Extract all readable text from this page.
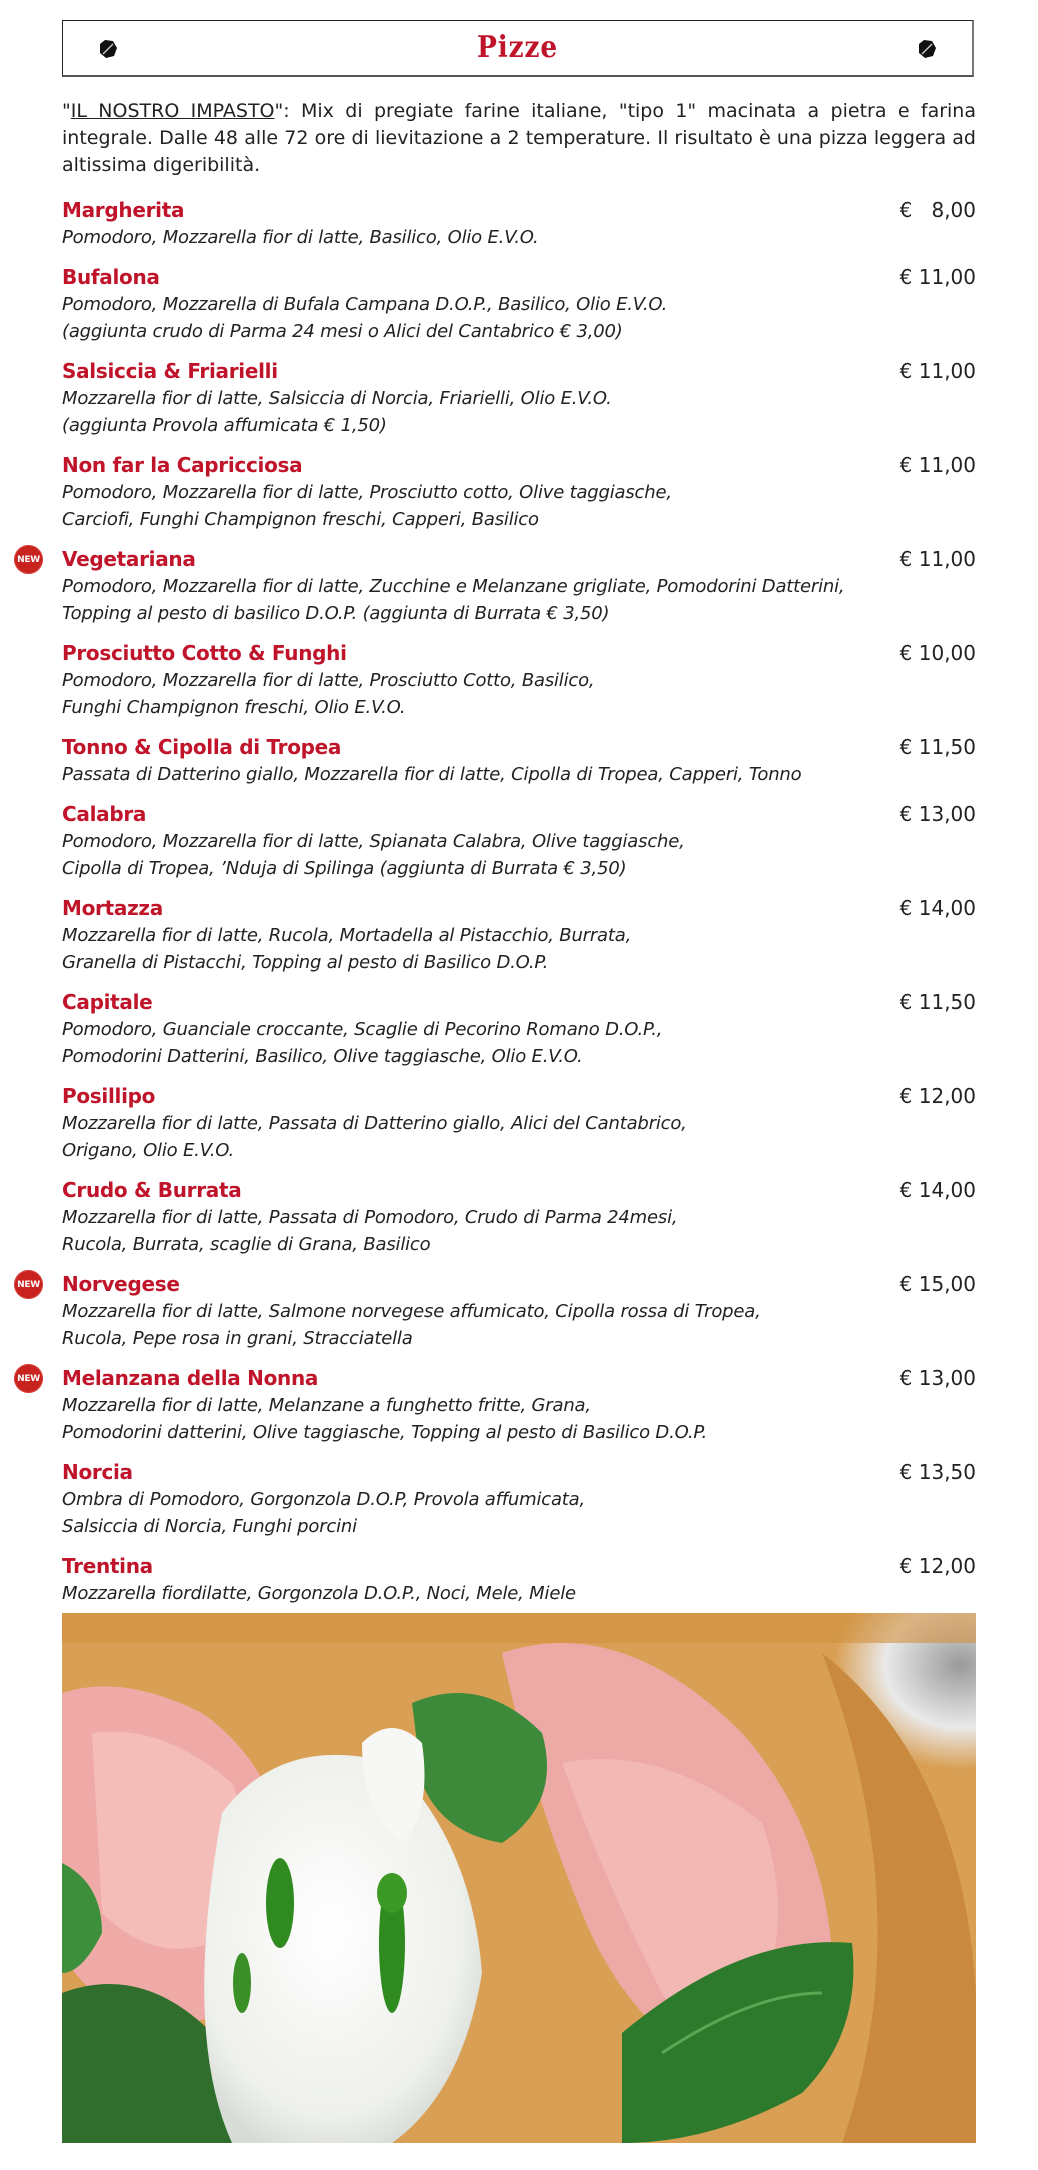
Pizze
"IL NOSTRO IMPASTO": Mix di pregiate farine italiane, "tipo 1" macinata a pietra e farina integrale. Dalle 48 alle 72 ore di lievitazione a 2 temperature. Il risultato è una pizza leggera ad altissima digeribilità.
Margherita	€   8,00
Pomodoro, Mozzarella fior di latte, Basilico, Olio E.V.O.
Bufalona	€ 11,00
Pomodoro, Mozzarella di Bufala Campana D.O.P., Basilico, Olio E.V.O.
(aggiunta crudo di Parma 24 mesi o Alici del Cantabrico € 3,00)
Salsiccia & Friarielli	€ 11,00
Mozzarella fior di latte, Salsiccia di Norcia, Friarielli, Olio E.V.O.
(aggiunta Provola affumicata € 1,50)
Non far la Capricciosa	€ 11,00
Pomodoro, Mozzarella fior di latte, Prosciutto cotto, Olive taggiasche,
Carciofi, Funghi Champignon freschi, Capperi, Basilico
NEW Vegetariana	€ 11,00
Pomodoro, Mozzarella fior di latte, Zucchine e Melanzane grigliate, Pomodorini Datterini,
Topping al pesto di basilico D.O.P. (aggiunta di Burrata € 3,50)
Prosciutto Cotto & Funghi	€ 10,00
Pomodoro, Mozzarella fior di latte, Prosciutto Cotto, Basilico,
Funghi Champignon freschi, Olio E.V.O.
Tonno & Cipolla di Tropea	€ 11,50
Passata di Datterino giallo, Mozzarella fior di latte, Cipolla di Tropea, Capperi, Tonno
Calabra	€ 13,00
Pomodoro, Mozzarella fior di latte, Spianata Calabra, Olive taggiasche,
Cipolla di Tropea, ’Nduja di Spilinga (aggiunta di Burrata € 3,50)
Mortazza	€ 14,00
Mozzarella fior di latte, Rucola, Mortadella al Pistacchio, Burrata,
Granella di Pistacchi, Topping al pesto di Basilico D.O.P.
Capitale	€ 11,50
Pomodoro, Guanciale croccante, Scaglie di Pecorino Romano D.O.P.,
Pomodorini Datterini, Basilico, Olive taggiasche, Olio E.V.O.
Posillipo	€ 12,00
Mozzarella fior di latte, Passata di Datterino giallo, Alici del Cantabrico,
Origano, Olio E.V.O.
Crudo & Burrata	€ 14,00
Mozzarella fior di latte, Passata di Pomodoro, Crudo di Parma 24mesi,
Rucola, Burrata, scaglie di Grana, Basilico
NEW Norvegese	€ 15,00
Mozzarella fior di latte, Salmone norvegese affumicato, Cipolla rossa di Tropea,
Rucola, Pepe rosa in grani, Stracciatella
NEW Melanzana della Nonna	€ 13,00
Mozzarella fior di latte, Melanzane a funghetto fritte, Grana,
Pomodorini datterini, Olive taggiasche, Topping al pesto di Basilico D.O.P.
Norcia	€ 13,50
Ombra di Pomodoro, Gorgonzola D.O.P, Provola affumicata,
Salsiccia di Norcia, Funghi porcini
Trentina	€ 12,00
Mozzarella fiordilatte, Gorgonzola D.O.P., Noci, Mele, Miele
